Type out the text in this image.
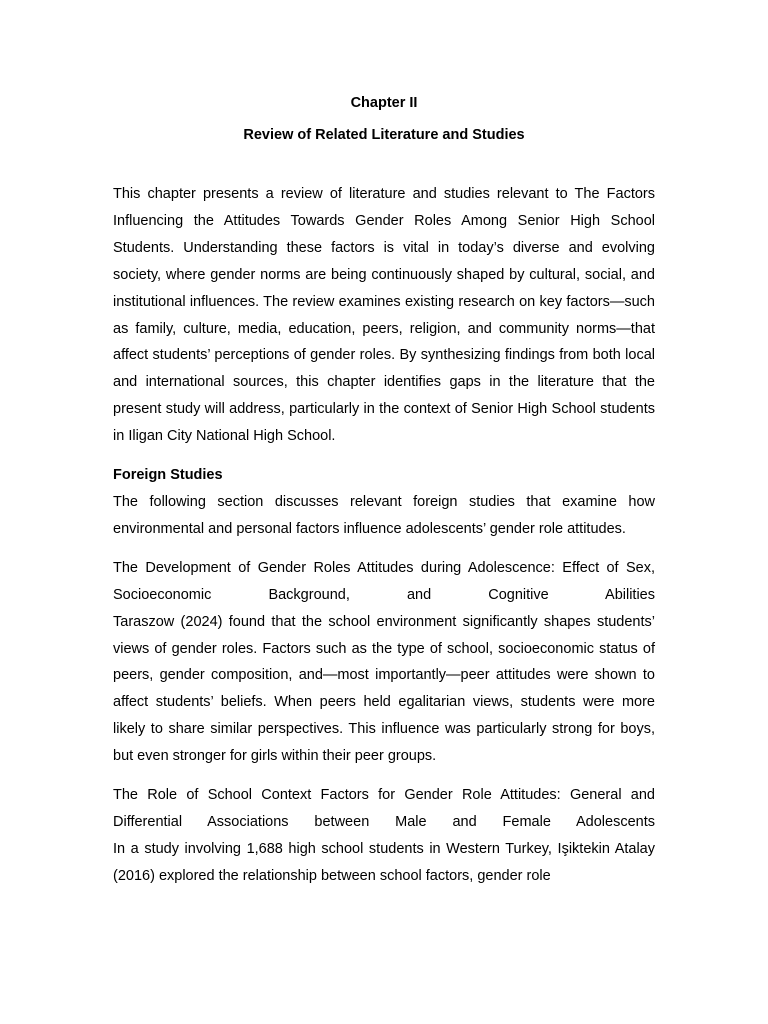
Chapter II
Review of Related Literature and Studies

This chapter presents a review of literature and studies relevant to The Factors Influencing the Attitudes Towards Gender Roles Among Senior High School Students. Understanding these factors is vital in today’s diverse and evolving society, where gender norms are being continuously shaped by cultural, social, and institutional influences. The review examines existing research on key factors—such as family, culture, media, education, peers, religion, and community norms—that affect students’ perceptions of gender roles. By synthesizing findings from both local and international sources, this chapter identifies gaps in the literature that the present study will address, particularly in the context of Senior High School students in Iligan City National High School.

Foreign Studies

The following section discusses relevant foreign studies that examine how environmental and personal factors influence adolescents’ gender role attitudes.

The Development of Gender Roles Attitudes during Adolescence: Effect of Sex, Socioeconomic Background, and Cognitive Abilities

Taraszow (2024) found that the school environment significantly shapes students’ views of gender roles. Factors such as the type of school, socioeconomic status of peers, gender composition, and—most importantly—peer attitudes were shown to affect students’ beliefs. When peers held egalitarian views, students were more likely to share similar perspectives. This influence was particularly strong for boys, but even stronger for girls within their peer groups.

The Role of School Context Factors for Gender Role Attitudes: General and Differential Associations between Male and Female Adolescents

In a study involving 1,688 high school students in Western Turkey, Işiktekin Atalay (2016) explored the relationship between school factors, gender role
